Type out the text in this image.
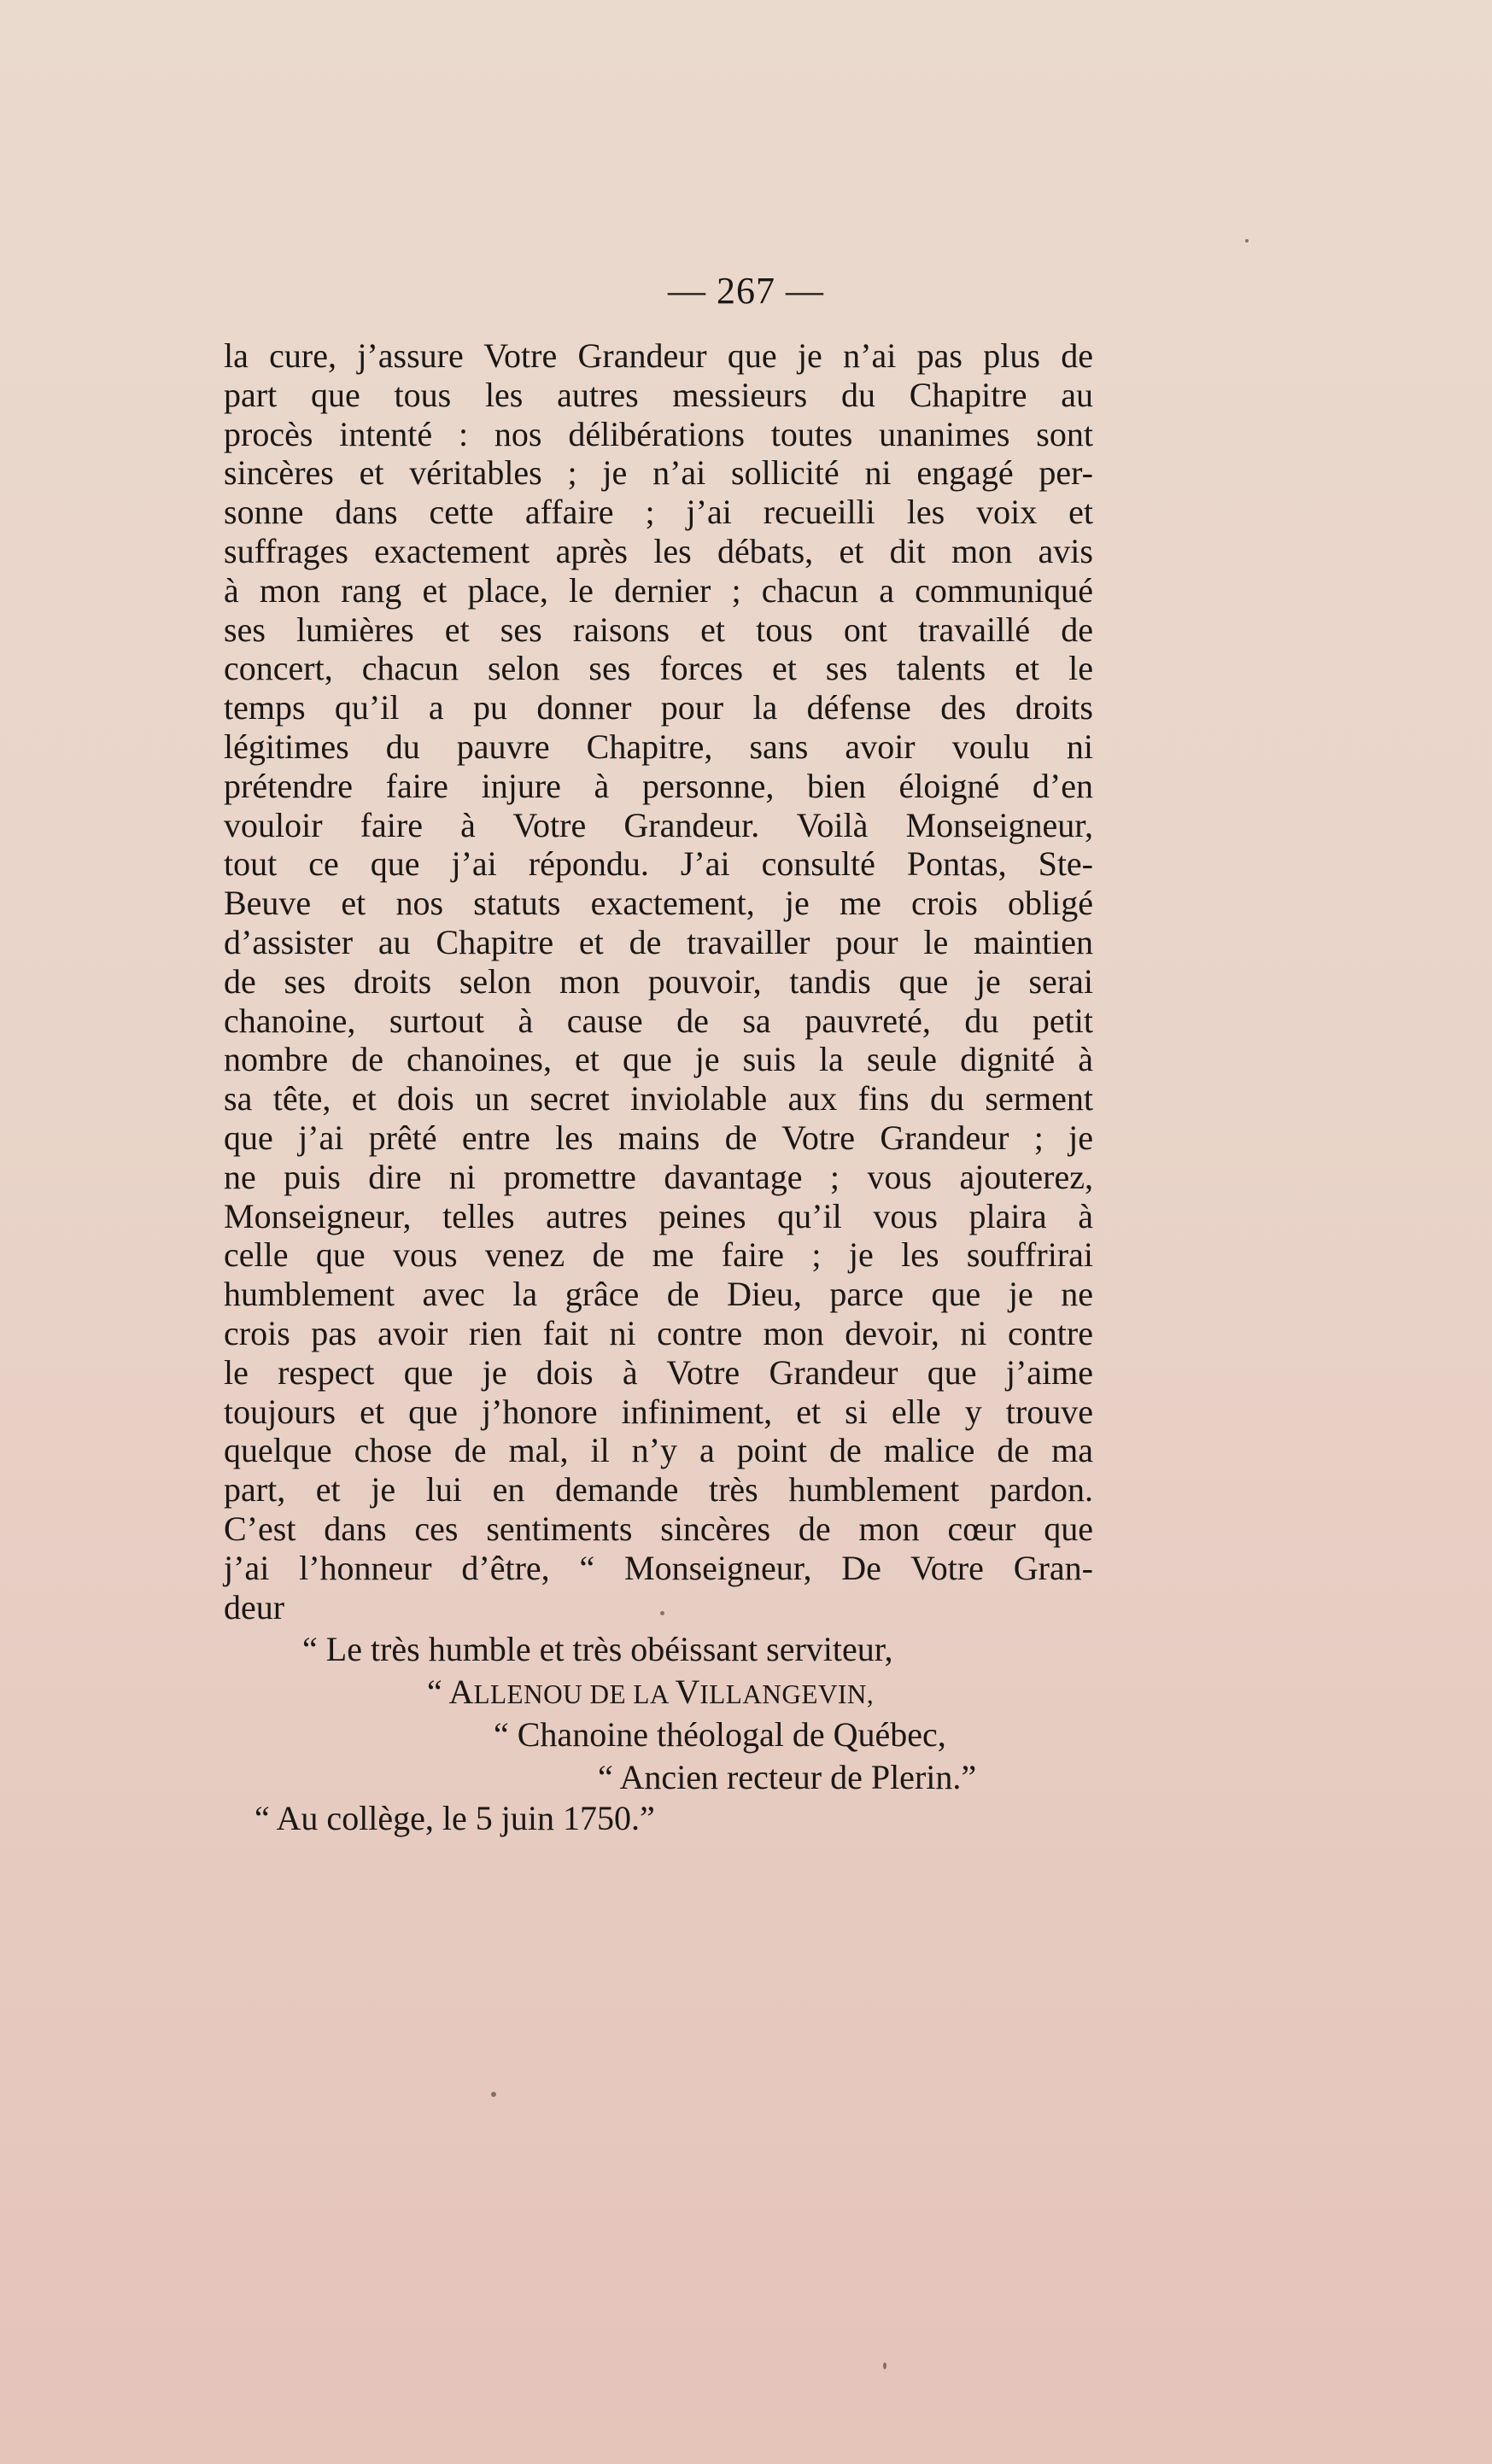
— 267 —
la cure, j’assure Votre Grandeur que je n’ai pas plus de
part que tous les autres messieurs du Chapitre au
procès intenté : nos délibérations toutes unanimes sont
sincères et véritables ; je n’ai sollicité ni engagé per-
sonne dans cette affaire ; j’ai recueilli les voix et
suffrages exactement après les débats, et dit mon avis
à mon rang et place, le dernier ; chacun a communiqué
ses lumières et ses raisons et tous ont travaillé de
concert, chacun selon ses forces et ses talents et le
temps qu’il a pu donner pour la défense des droits
légitimes du pauvre Chapitre, sans avoir voulu ni
prétendre faire injure à personne, bien éloigné d’en
vouloir faire à Votre Grandeur. Voilà Monseigneur,
tout ce que j’ai répondu. J’ai consulté Pontas, Ste-
Beuve et nos statuts exactement, je me crois obligé
d’assister au Chapitre et de travailler pour le maintien
de ses droits selon mon pouvoir, tandis que je serai
chanoine, surtout à cause de sa pauvreté, du petit
nombre de chanoines, et que je suis la seule dignité à
sa tête, et dois un secret inviolable aux fins du serment
que j’ai prêté entre les mains de Votre Grandeur ; je
ne puis dire ni promettre davantage ; vous ajouterez,
Monseigneur, telles autres peines qu’il vous plaira à
celle que vous venez de me faire ; je les souffrirai
humblement avec la grâce de Dieu, parce que je ne
crois pas avoir rien fait ni contre mon devoir, ni contre
le respect que je dois à Votre Grandeur que j’aime
toujours et que j’honore infiniment, et si elle y trouve
quelque chose de mal, il n’y a point de malice de ma
part, et je lui en demande très humblement pardon.
C’est dans ces sentiments sincères de mon cœur que
j’ai l’honneur d’être, “ Monseigneur, De Votre Gran-
deur
“ Le très humble et très obéissant serviteur,
“ ALLENOU DE LA VILLANGEVIN,
“ Chanoine théologal de Québec,
“ Ancien recteur de Plerin.”
“ Au collège, le 5 juin 1750.”
